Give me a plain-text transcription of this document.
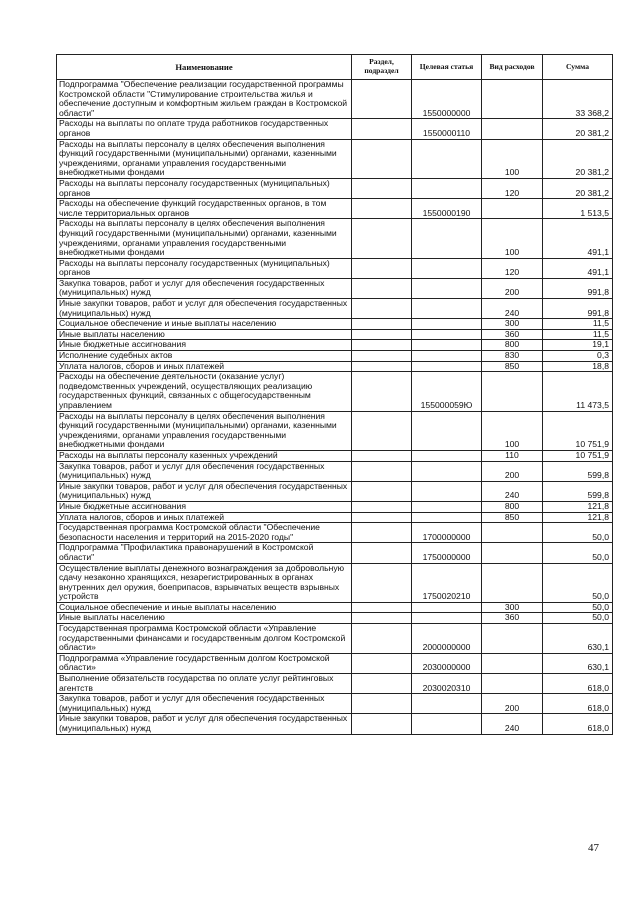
Наименование	Раздел, подраздел	Целевая статья	Вид расходов	Сумма
Подпрограмма "Обеспечение реализации государственной программы Костромской области "Стимулирование строительства жилья и обеспечение доступным и комфортным жильем граждан в Костромской области"		1550000000		33 368,2
Расходы на выплаты по оплате труда работников государственных органов		1550000110		20 381,2
Расходы на выплаты персоналу в целях обеспечения выполнения функций государственными (муниципальными) органами, казенными учреждениями, органами управления государственными внебюджетными фондами			100	20 381,2
Расходы на выплаты персоналу государственных (муниципальных) органов			120	20 381,2
Расходы на обеспечение функций государственных органов, в том числе территориальных органов		1550000190		1 513,5
Расходы на выплаты персоналу в целях обеспечения выполнения функций государственными (муниципальными) органами, казенными учреждениями, органами управления государственными внебюджетными фондами			100	491,1
Расходы на выплаты персоналу государственных (муниципальных) органов			120	491,1
Закупка товаров, работ и услуг для обеспечения государственных (муниципальных) нужд			200	991,8
Иные закупки товаров, работ и услуг для обеспечения государственных (муниципальных) нужд			240	991,8
Социальное обеспечение и иные выплаты населению			300	11,5
Иные выплаты населению			360	11,5
Иные бюджетные ассигнования			800	19,1
Исполнение судебных актов			830	0,3
Уплата налогов, сборов и иных платежей			850	18,8
Расходы на обеспечение деятельности (оказание услуг) подведомственных учреждений, осуществляющих реализацию государственных функций, связанных с общегосударственным управлением		155000059Ю		11 473,5
Расходы на выплаты персоналу в целях обеспечения выполнения функций государственными (муниципальными) органами, казенными учреждениями, органами управления государственными внебюджетными фондами			100	10 751,9
Расходы на выплаты персоналу казенных учреждений			110	10 751,9
Закупка товаров, работ и услуг для обеспечения государственных (муниципальных) нужд			200	599,8
Иные закупки товаров, работ и услуг для обеспечения государственных (муниципальных) нужд			240	599,8
Иные бюджетные ассигнования			800	121,8
Уплата налогов, сборов и иных платежей			850	121,8
Государственная программа Костромской области "Обеспечение безопасности населения и территорий на 2015-2020 годы"		1700000000		50,0
Подпрограмма "Профилактика правонарушений в Костромской области"		1750000000		50,0
Осуществление выплаты денежного вознаграждения за добровольную сдачу незаконно хранящихся, незарегистрированных в органах внутренних дел оружия, боеприпасов, взрывчатых веществ взрывных устройств		1750020210		50,0
Социальное обеспечение и иные выплаты населению			300	50,0
Иные выплаты населению			360	50,0
Государственная программа Костромской области «Управление государственными финансами и государственным долгом Костромской области»		2000000000		630,1
Подпрограмма «Управление государственным долгом Костромской области»		2030000000		630,1
Выполнение обязательств государства по оплате услуг рейтинговых агентств		2030020310		618,0
Закупка товаров, работ и услуг для обеспечения государственных (муниципальных) нужд			200	618,0
Иные закупки товаров, работ и услуг для обеспечения государственных (муниципальных) нужд			240	618,0
47
